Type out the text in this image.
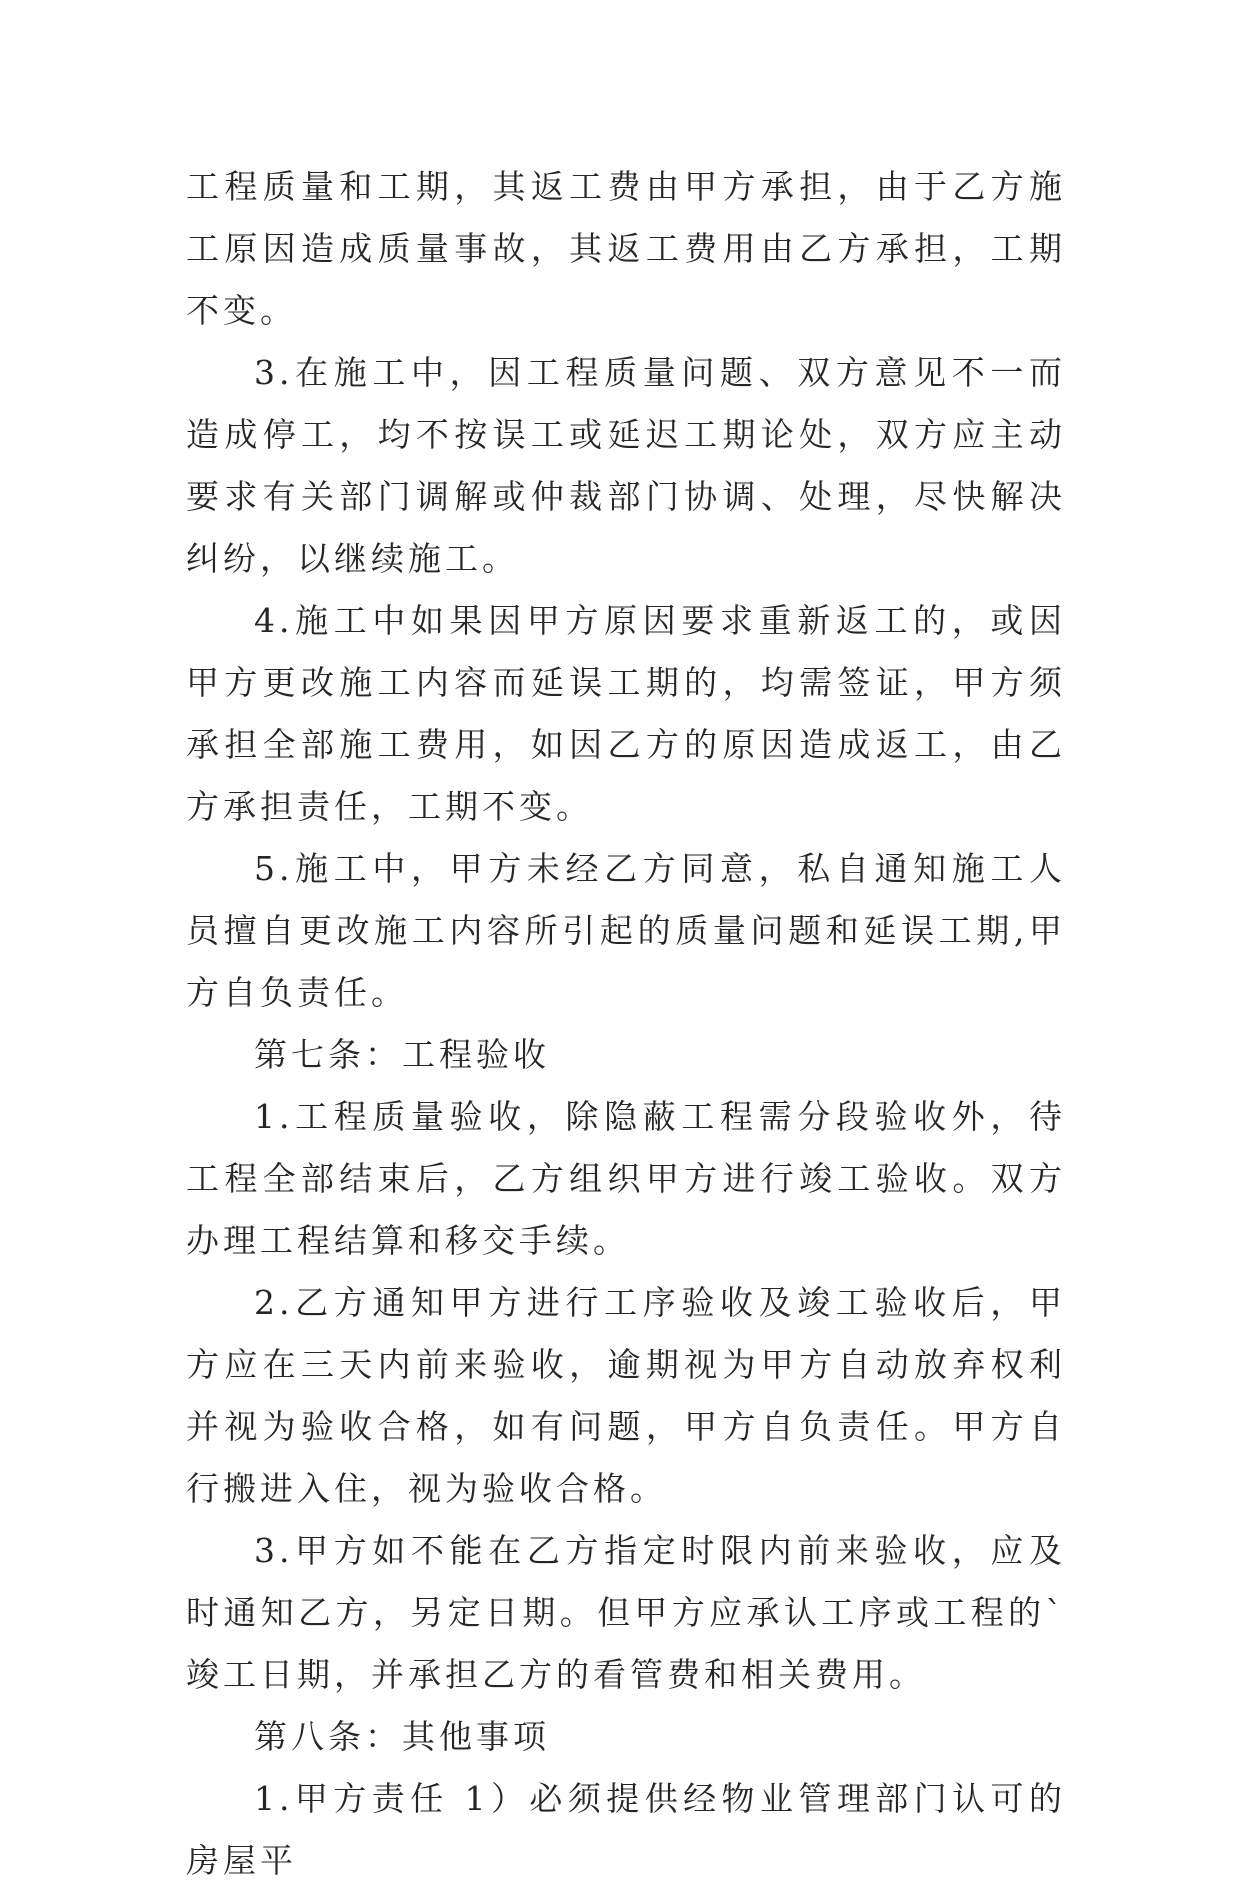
工程质量和工期，其返工费由甲方承担，由于乙方施工原因造成质量事故，其返工费用由乙方承担，工期不变。

3.在施工中，因工程质量问题、双方意见不一而造成停工，均不按误工或延迟工期论处，双方应主动要求有关部门调解或仲裁部门协调、处理，尽快解决纠纷，以继续施工。

4.施工中如果因甲方原因要求重新返工的，或因甲方更改施工内容而延误工期的，均需签证，甲方须承担全部施工费用，如因乙方的原因造成返工，由乙方承担责任，工期不变。

5.施工中，甲方未经乙方同意，私自通知施工人员擅自更改施工内容所引起的质量问题和延误工期,甲方自负责任。

第七条：工程验收

1.工程质量验收，除隐蔽工程需分段验收外，待工程全部结束后，乙方组织甲方进行竣工验收。双方办理工程结算和移交手续。

2.乙方通知甲方进行工序验收及竣工验收后，甲方应在三天内前来验收，逾期视为甲方自动放弃权利并视为验收合格，如有问题，甲方自负责任。甲方自行搬进入住，视为验收合格。

3.甲方如不能在乙方指定时限内前来验收，应及时通知乙方，另定日期。但甲方应承认工序或工程的`竣工日期，并承担乙方的看管费和相关费用。

第八条：其他事项

1.甲方责任 1）必须提供经物业管理部门认可的房屋平
